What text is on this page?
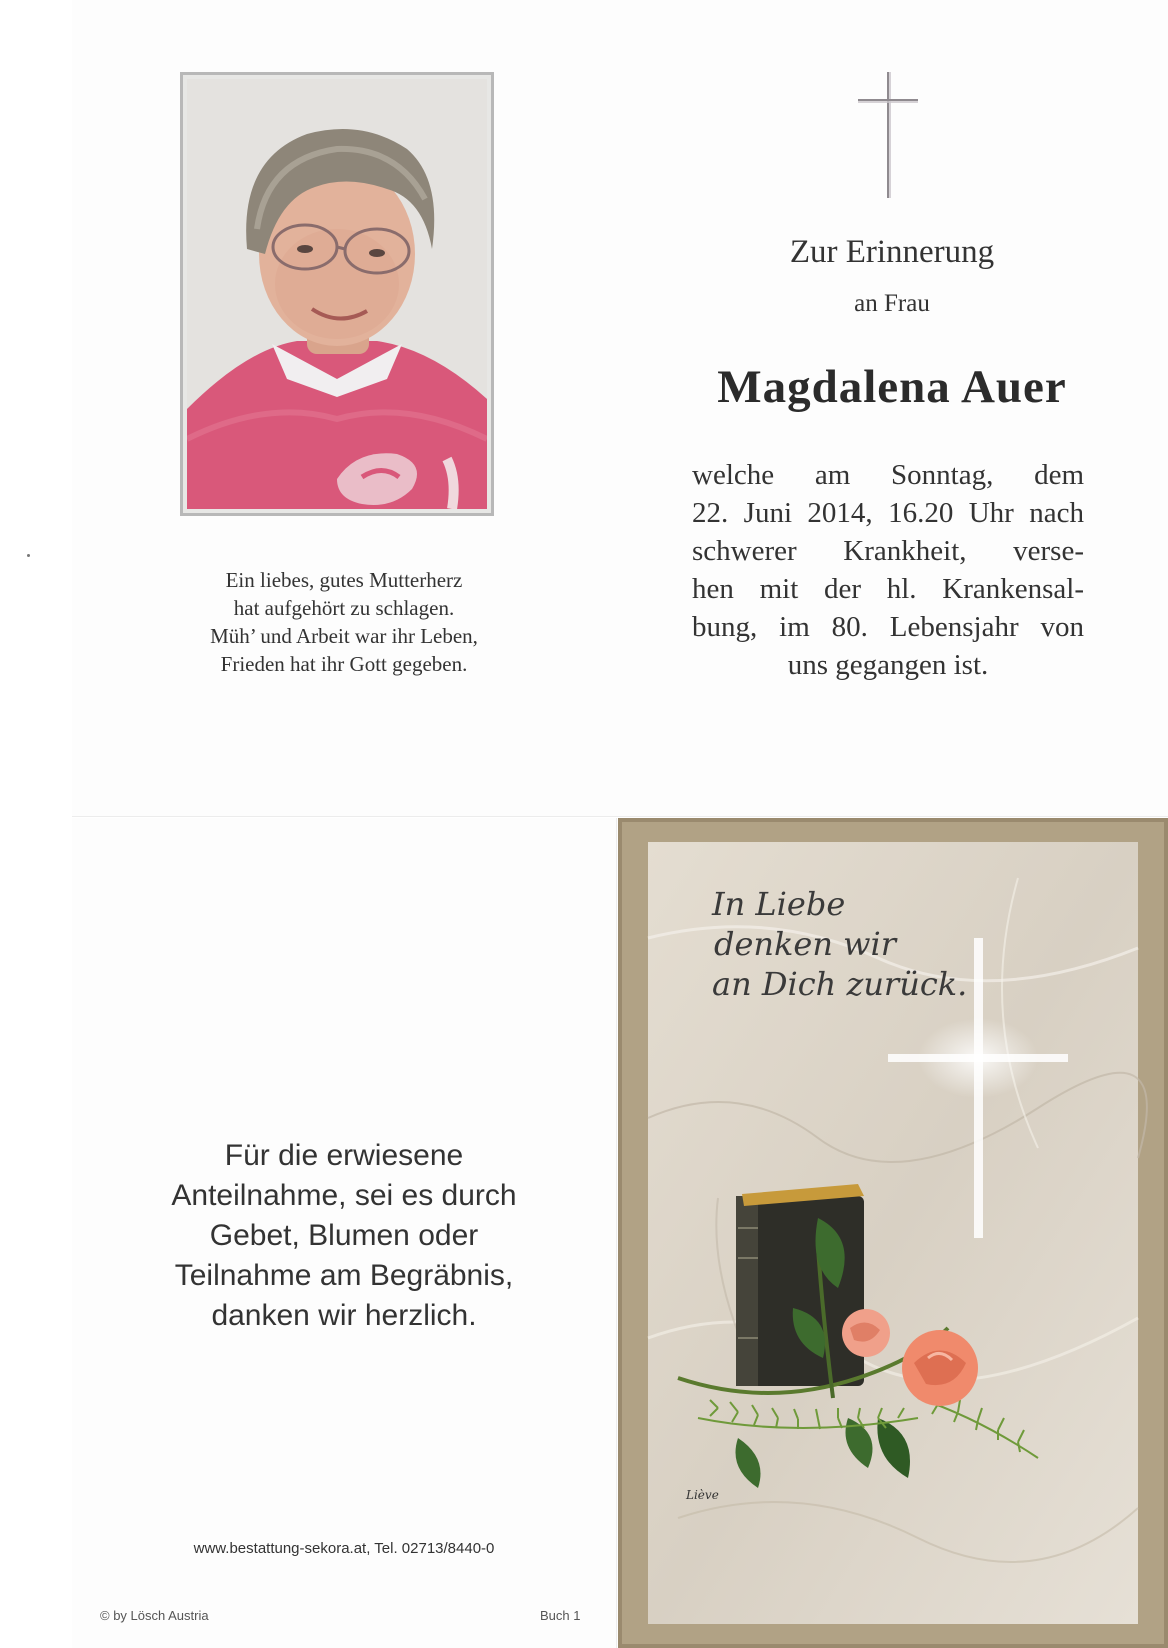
Ein liebes, gutes Mutterherz
hat aufgehört zu schlagen.
Müh’ und Arbeit war ihr Leben,
Frieden hat ihr Gott gegeben.
Zur Erinnerung
an Frau
Magdalena Auer
welche am Sonntag, dem
22. Juni 2014, 16.20 Uhr nach
schwerer Krankheit, verse-
hen mit der hl. Krankensal-
bung, im 80. Lebensjahr von
uns gegangen ist.
Für die erwiesene
Anteilnahme, sei es durch
Gebet, Blumen oder
Teilnahme am Begräbnis,
danken wir herzlich.
www.bestattung-sekora.at, Tel. 02713/8440-0
© by Lösch Austria	Buch 1
In Liebe
denken wir
an Dich zurück.
Liève
